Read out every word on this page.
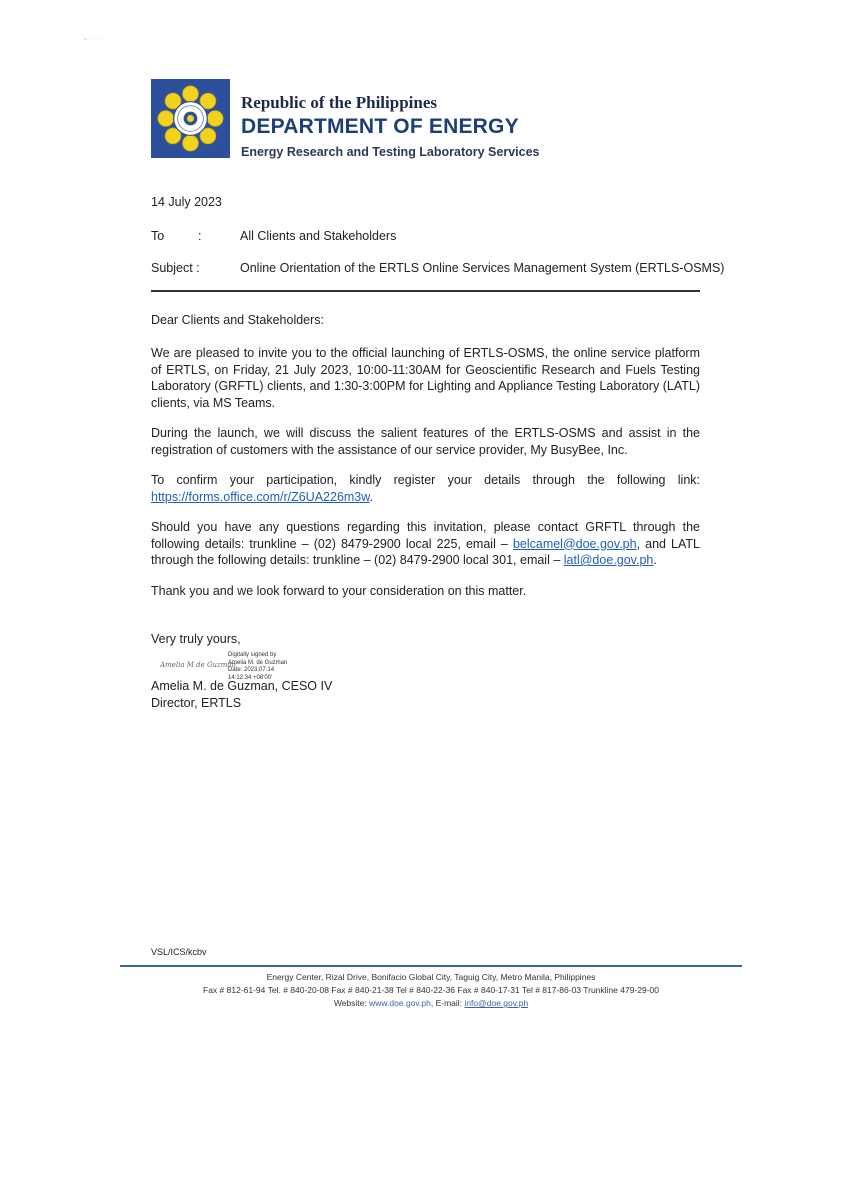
≈ ·⁻ ·
Republic of the Philippines
DEPARTMENT OF ENERGY
Energy Research and Testing Laboratory Services
14 July 2023
To	:	All Clients and Stakeholders
Subject :	Online Orientation of the ERTLS Online Services Management System (ERTLS-OSMS)
Dear Clients and Stakeholders:

We are pleased to invite you to the official launching of ERTLS-OSMS, the online service platform of ERTLS, on Friday, 21 July 2023, 10:00-11:30AM for Geoscientific Research and Fuels Testing Laboratory (GRFTL) clients, and 1:30-3:00PM for Lighting and Appliance Testing Laboratory (LATL) clients, via MS Teams.

During the launch, we will discuss the salient features of the ERTLS-OSMS and assist in the registration of customers with the assistance of our service provider, My BusyBee, Inc.

To confirm your participation, kindly register your details through the following link: https://forms.office.com/r/Z6UA226m3w.

Should you have any questions regarding this invitation, please contact GRFTL through the following details: trunkline – (02) 8479-2900 local 225, email – belcamel@doe.gov.ph, and LATL through the following details: trunkline – (02) 8479-2900 local 301, email – latl@doe.gov.ph.

Thank you and we look forward to your consideration on this matter.
Very truly yours,
Amelia M de Guzman
Digitally signed by
Amelia M. de Guzman
Date: 2023.07.14
14:12:34 +08'00'
Amelia M. de Guzman, CESO IV
Director, ERTLS
VSL/ICS/kcbv
Energy Center, Rizal Drive, Bonifacio Global City, Taguig City, Metro Manila, Philippines
Fax # 812-61-94 Tel. # 840-20-08 Fax # 840-21-38 Tel # 840-22-36 Fax # 840-17-31 Tel # 817-86-03 Trunkline 479-29-00
Website: www.doe.gov.ph, E-mail: info@doe.gov.ph
